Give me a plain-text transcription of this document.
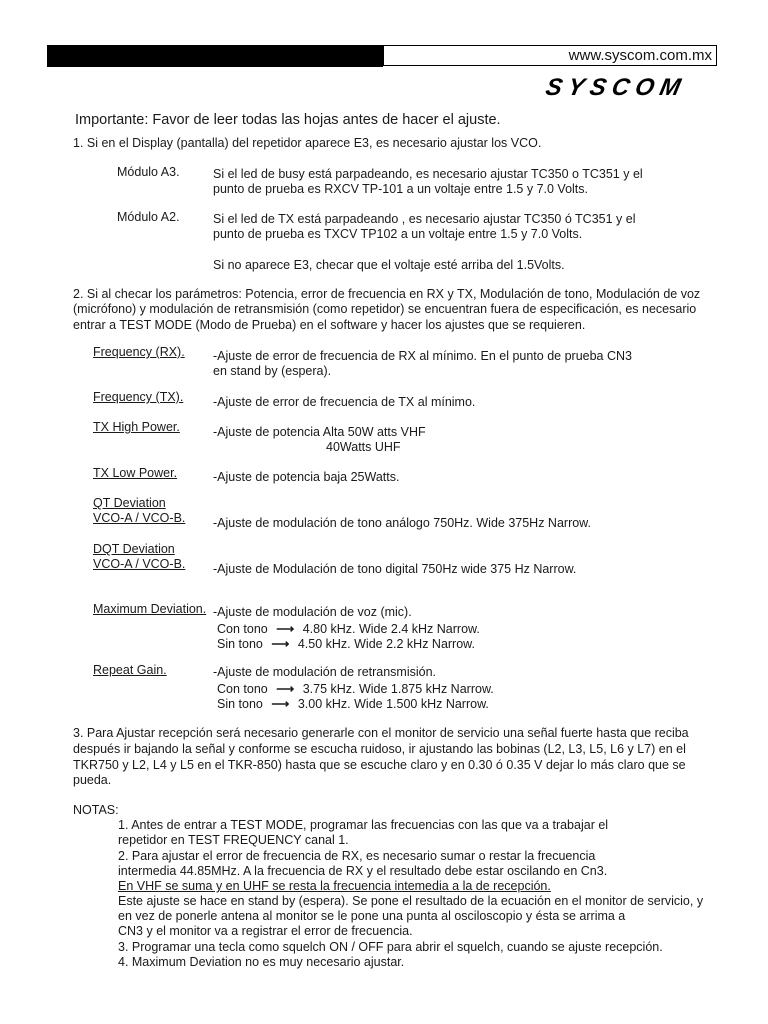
www.syscom.com.mx
SYSCOM
Importante: Favor de leer todas las hojas antes de hacer el ajuste.
1. Si en el Display (pantalla) del repetidor aparece E3, es necesario ajustar los VCO.
Módulo A3.	Si el led de busy está parpadeando, es necesario ajustar TC350 o TC351 y el
punto de prueba es RXCV TP-101 a un voltaje entre 1.5 y 7.0 Volts.
Módulo A2.	Si el led de TX está parpadeando , es necesario ajustar TC350 ó TC351 y el
punto de prueba es TXCV TP102 a un voltaje entre 1.5 y 7.0 Volts.
Si no aparece E3, checar que el voltaje esté arriba del 1.5Volts.
2. Si al checar los parámetros: Potencia, error de frecuencia en RX y TX, Modulación de tono, Modulación de voz
(micrófono) y modulación de retransmisión (como repetidor) se encuentran fuera de especificación, es necesario
entrar a TEST MODE (Modo de Prueba) en el software y hacer los ajustes que se requieren.
Frequency (RX). -Ajuste de error de frecuencia de RX al mínimo. En el punto de prueba CN3
en stand by (espera).
Frequency (TX). -Ajuste de error de frecuencia de TX al mínimo.
TX High Power.	-Ajuste de potencia Alta 50W atts VHF
40Watts UHF
TX Low Power.	-Ajuste de potencia baja 25Watts.
QT Deviation
VCO-A / VCO-B. -Ajuste de modulación de tono análogo 750Hz. Wide 375Hz Narrow.
DQT Deviation
VCO-A / VCO-B. -Ajuste de Modulación de tono digital 750Hz wide 375 Hz Narrow.
Maximum Deviation. -Ajuste de modulación de voz (mic).
Con tono ⟶ 4.80 kHz. Wide 2.4 kHz Narrow.
Sin tono ⟶ 4.50 kHz. Wide 2.2 kHz Narrow.
Repeat Gain.	-Ajuste de modulación de retransmisión.
Con tono ⟶ 3.75 kHz. Wide 1.875 kHz Narrow.
Sin tono ⟶ 3.00 kHz. Wide 1.500 kHz Narrow.
3. Para Ajustar recepción será necesario generarle con el monitor de servicio una señal fuerte hasta que reciba
después ir bajando la señal y conforme se escucha ruidoso, ir ajustando las bobinas (L2, L3, L5, L6 y L7) en el
TKR750 y L2, L4 y L5 en el TKR-850) hasta que se escuche claro y en 0.30 ó 0.35 V dejar lo más claro que se
pueda.
NOTAS:
1. Antes de entrar a TEST MODE, programar las frecuencias con las que va a trabajar el
repetidor en TEST FREQUENCY canal 1.
2. Para ajustar el error de frecuencia de RX, es necesario sumar o restar la frecuencia
intermedia 44.85MHz. A la frecuencia de RX y el resultado debe estar oscilando en Cn3.
En VHF se suma y en UHF se resta la frecuencia intemedia a la de recepción.
Este ajuste se hace en stand by (espera). Se pone el resultado de la ecuación en el monitor de servicio, y
en vez de ponerle antena al monitor se le pone una punta al osciloscopio y ésta se arrima a
CN3 y el monitor va a registrar el error de frecuencia.
3. Programar una tecla como squelch ON / OFF para abrir el squelch, cuando se ajuste recepción.
4. Maximum Deviation no es muy necesario ajustar.
